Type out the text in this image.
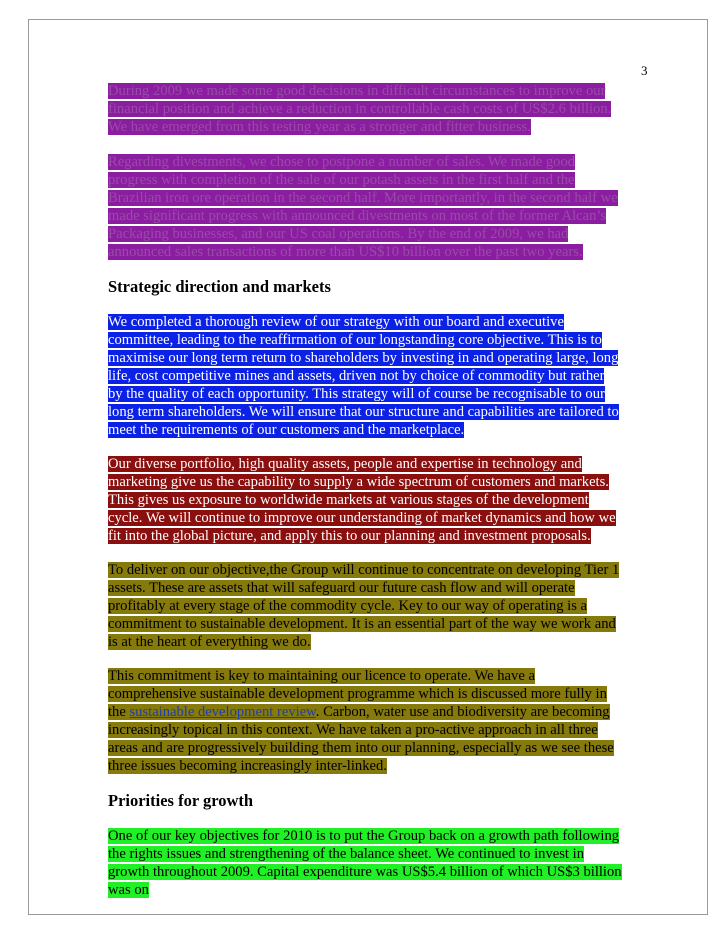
3

During 2009 we made some good decisions in difficult circumstances to improve our financial position and achieve a reduction in controllable cash costs of US$2.6 billion. We have emerged from this testing year as a stronger and fitter business.

Regarding divestments, we chose to postpone a number of sales. We made good progress with completion of the sale of our potash assets in the first half and the Brazilian iron ore operation in the second half. More importantly, in the second half we made significant progress with announced divestments on most of the former Alcan’s Packaging businesses, and our US coal operations. By the end of 2009, we had announced sales transactions of more than US$10 billion over the past two years.

Strategic direction and markets

We completed a thorough review of our strategy with our board and executive committee, leading to the reaffirmation of our longstanding core objective. This is to maximise our long term return to shareholders by investing in and operating large, long life, cost competitive mines and assets, driven not by choice of commodity but rather by the quality of each opportunity. This strategy will of course be recognisable to our long term shareholders. We will ensure that our structure and capabilities are tailored to meet the requirements of our customers and the marketplace.

Our diverse portfolio, high quality assets, people and expertise in technology and marketing give us the capability to supply a wide spectrum of customers and markets. This gives us exposure to worldwide markets at various stages of the development cycle. We will continue to improve our understanding of market dynamics and how we fit into the global picture, and apply this to our planning and investment proposals.

To deliver on our objective,the Group will continue to concentrate on developing Tier 1 assets. These are assets that will safeguard our future cash flow and will operate profitably at every stage of the commodity cycle. Key to our way of operating is a commitment to sustainable development. It is an essential part of the way we work and is at the heart of everything we do.

This commitment is key to maintaining our licence to operate. We have a comprehensive sustainable development programme which is discussed more fully in the sustainable development review. Carbon, water use and biodiversity are becoming increasingly topical in this context. We have taken a pro-active approach in all three areas and are progressively building them into our planning, especially as we see these three issues becoming increasingly inter-linked.

Priorities for growth

One of our key objectives for 2010 is to put the Group back on a growth path following the rights issues and strengthening of the balance sheet. We continued to invest in growth throughout 2009. Capital expenditure was US$5.4 billion of which US$3 billion was on
